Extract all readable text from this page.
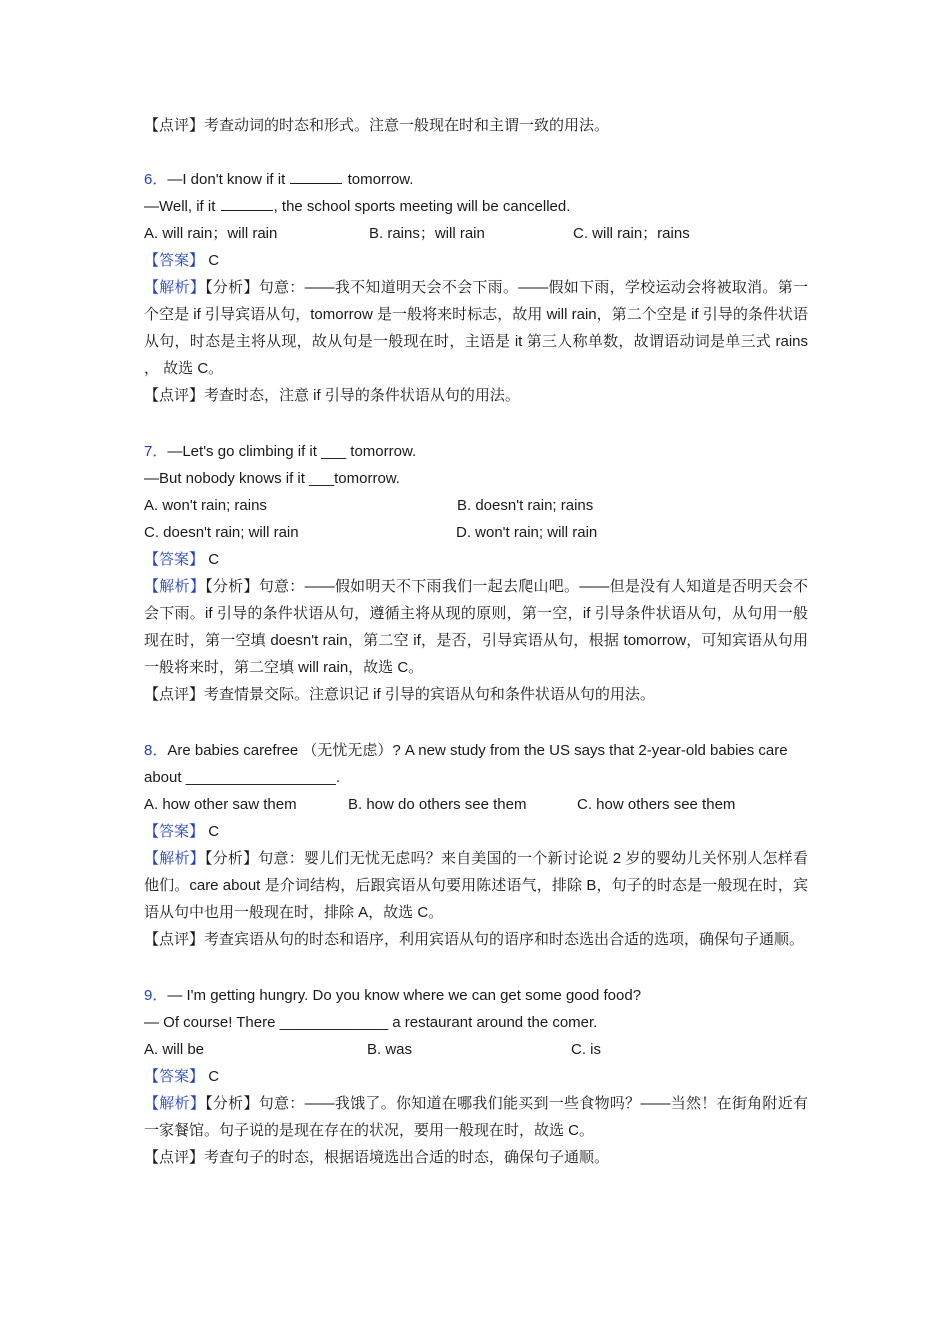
【点评】考查动词的时态和形式。注意一般现在时和主谓一致的用法。
6．—I don't know if it	tomorrow.
—Well, if it	, the school sports meeting will be cancelled.
A. will rain；will rain	B. rains；will rain	C. will rain；rains
【答案】 C
【解析】【分析】句意：——我不知道明天会不会下雨。——假如下雨，学校运动会将被取消。第一个空是 if 引导宾语从句，tomorrow 是一般将来时标志，故用 will rain，第二个空是 if 引导的条件状语从句，时态是主将从现，故从句是一般现在时，主语是 it 第三人称单数，故谓语动词是单三式 rains ， 故选 C。
【点评】考查时态，注意 if 引导的条件状语从句的用法。
7．—Let's go climbing if it ___ tomorrow.
—But nobody knows if it ___tomorrow.
A. won't rain; rains	B. doesn't rain; rains
C. doesn't rain; will rain	D. won't rain; will rain
【答案】 C
【解析】【分析】句意：——假如明天不下雨我们一起去爬山吧。——但是没有人知道是否明天会不会下雨。if 引导的条件状语从句，遵循主将从现的原则，第一空，if 引导条件状语从句，从句用一般现在时，第一空填 doesn't rain，第二空 if，是否，引导宾语从句，根据 tomorrow，可知宾语从句用一般将来时，第二空填 will rain，故选 C。
【点评】考查情景交际。注意识记 if 引导的宾语从句和条件状语从句的用法。
8．Are babies carefree （无忧无虑）? A new study from the US says that 2-year-old babies care
about __________________.
A. how other saw them	B. how do others see them	C. how others see them
【答案】 C
【解析】【分析】句意：婴儿们无忧无虑吗？来自美国的一个新讨论说 2 岁的婴幼儿关怀别人怎样看他们。care about 是介词结构，后跟宾语从句要用陈述语气，排除 B，句子的时态是一般现在时，宾语从句中也用一般现在时，排除 A，故选 C。
【点评】考查宾语从句的时态和语序，利用宾语从句的语序和时态选出合适的选项，确保句子通顺。
9．— I'm getting hungry. Do you know where we can get some good food?
— Of course! There _____________ a restaurant around the comer.
A. will be	B. was	C. is
【答案】 C
【解析】【分析】句意：——我饿了。你知道在哪我们能买到一些食物吗？——当然！在街角附近有一家餐馆。句子说的是现在存在的状况，要用一般现在时，故选 C。
【点评】考查句子的时态，根据语境选出合适的时态，确保句子通顺。
